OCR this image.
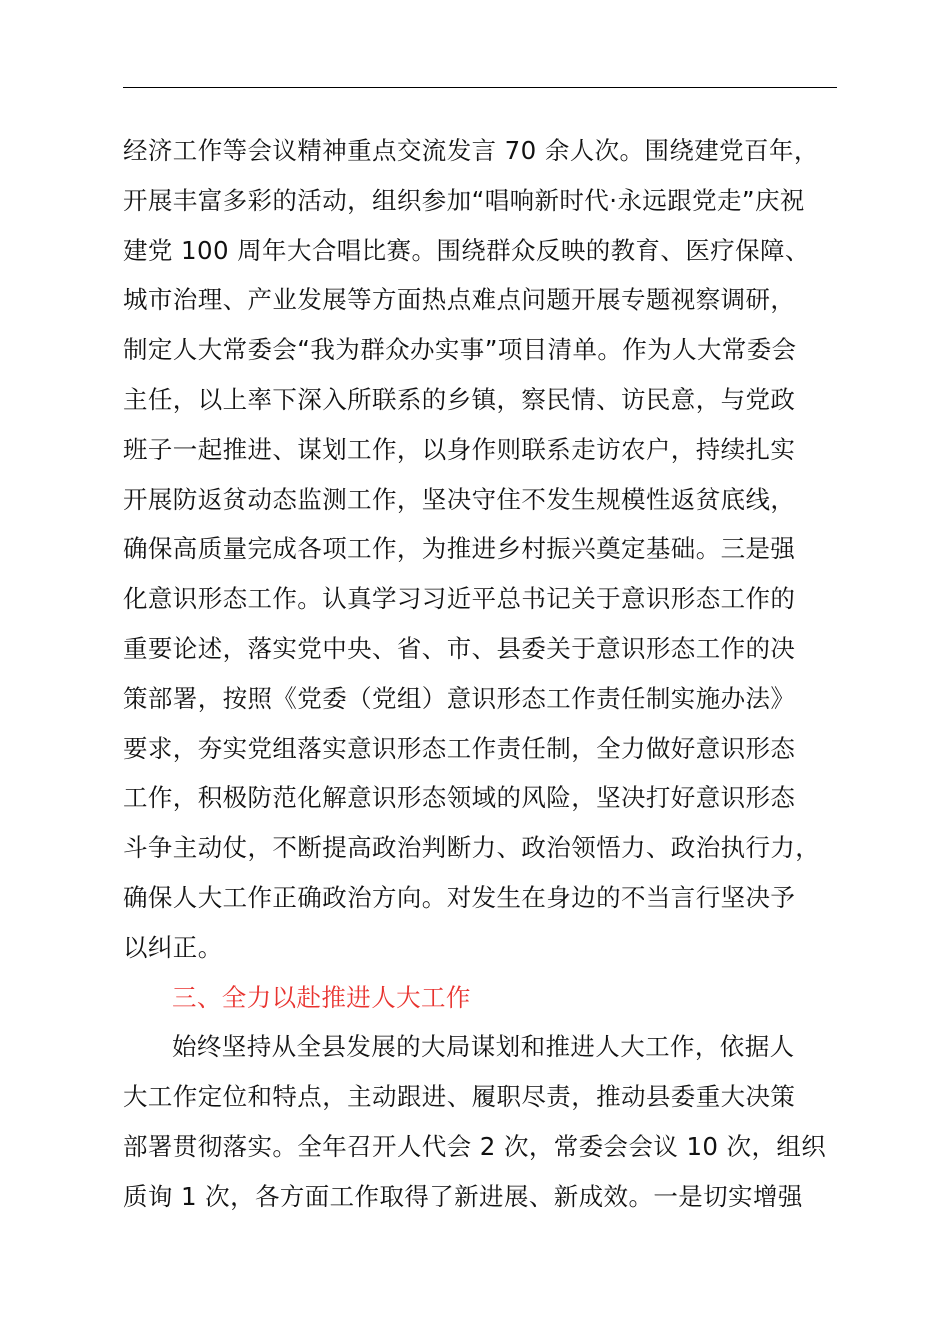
经济工作等会议精神重点交流发言 70 余人次。围绕建党百年，
开展丰富多彩的活动，组织参加“唱响新时代·永远跟党走”庆祝
建党 100 周年大合唱比赛。围绕群众反映的教育、医疗保障、
城市治理、产业发展等方面热点难点问题开展专题视察调研，
制定人大常委会“我为群众办实事”项目清单。作为人大常委会
主任，以上率下深入所联系的乡镇，察民情、访民意，与党政
班子一起推进、谋划工作，以身作则联系走访农户，持续扎实
开展防返贫动态监测工作，坚决守住不发生规模性返贫底线，
确保高质量完成各项工作，为推进乡村振兴奠定基础。三是强
化意识形态工作。认真学习习近平总书记关于意识形态工作的
重要论述，落实党中央、省、市、县委关于意识形态工作的决
策部署，按照《党委（党组）意识形态工作责任制实施办法》
要求，夯实党组落实意识形态工作责任制，全力做好意识形态
工作，积极防范化解意识形态领域的风险，坚决打好意识形态
斗争主动仗，不断提高政治判断力、政治领悟力、政治执行力，
确保人大工作正确政治方向。对发生在身边的不当言行坚决予
以纠正。
三、全力以赴推进人大工作
始终坚持从全县发展的大局谋划和推进人大工作，依据人
大工作定位和特点，主动跟进、履职尽责，推动县委重大决策
部署贯彻落实。全年召开人代会 2 次，常委会会议 10 次，组织
质询 1 次，各方面工作取得了新进展、新成效。一是切实增强
